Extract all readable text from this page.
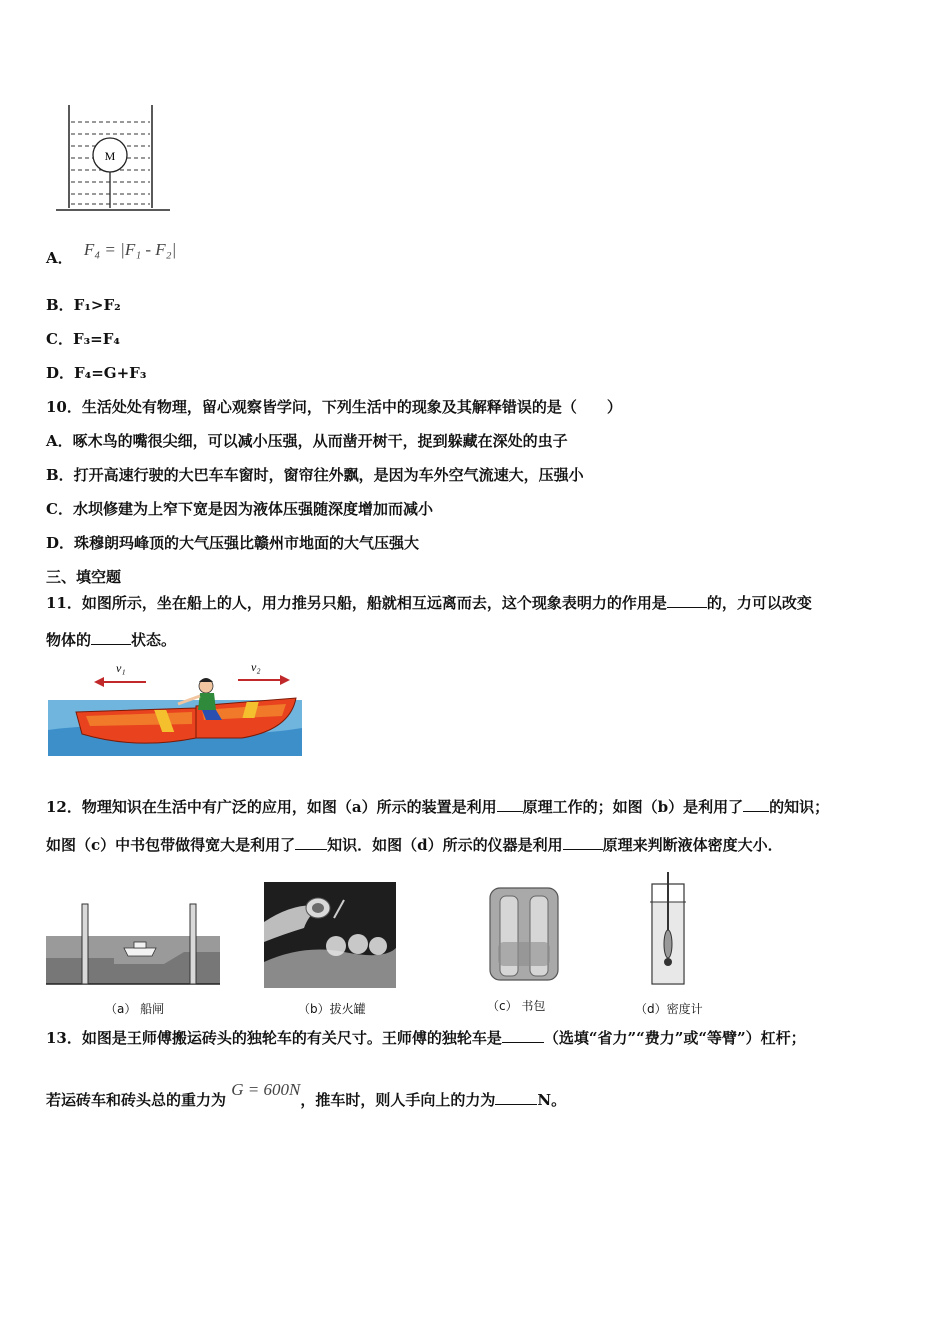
M
A． F₄ = |F₁ - F₂|
B．F₁>F₂
C．F₃=F₄
D．F₄=G+F₃
10．生活处处有物理，留心观察皆学问，下列生活中的现象及其解释错误的是（　　）
A．啄木鸟的嘴很尖细，可以减小压强，从而凿开树干，捉到躲藏在深处的虫子
B．打开高速行驶的大巴车车窗时，窗帘往外飘，是因为车外空气流速大，压强小
C．水坝修建为上窄下宽是因为液体压强随深度增加而减小
D．珠穆朗玛峰顶的大气压强比赣州市地面的大气压强大
三、填空题
11．如图所示，坐在船上的人，用力推另只船，船就相互远离而去，这个现象表明力的作用是	的，力可以改变
物体的	状态。
v₁	v₂
12．物理知识在生活中有广泛的应用，如图（a）所示的装置是利用 原理工作的；如图（b）是利用了 的知识；
如图（c）中书包带做得宽大是利用了 知识．如图（d）所示的仪器是利用	原理来判断液体密度大小．
（a） 船闸	（b）拔火罐	（c） 书包	（d）密度计
13．如图是王师傅搬运砖头的独轮车的有关尺寸。王师傅的独轮车是	（选填“省力”“费力”或“等臂”）杠杆；
若运砖车和砖头总的重力为 G = 600N，推车时，则人手向上的力为	N。
